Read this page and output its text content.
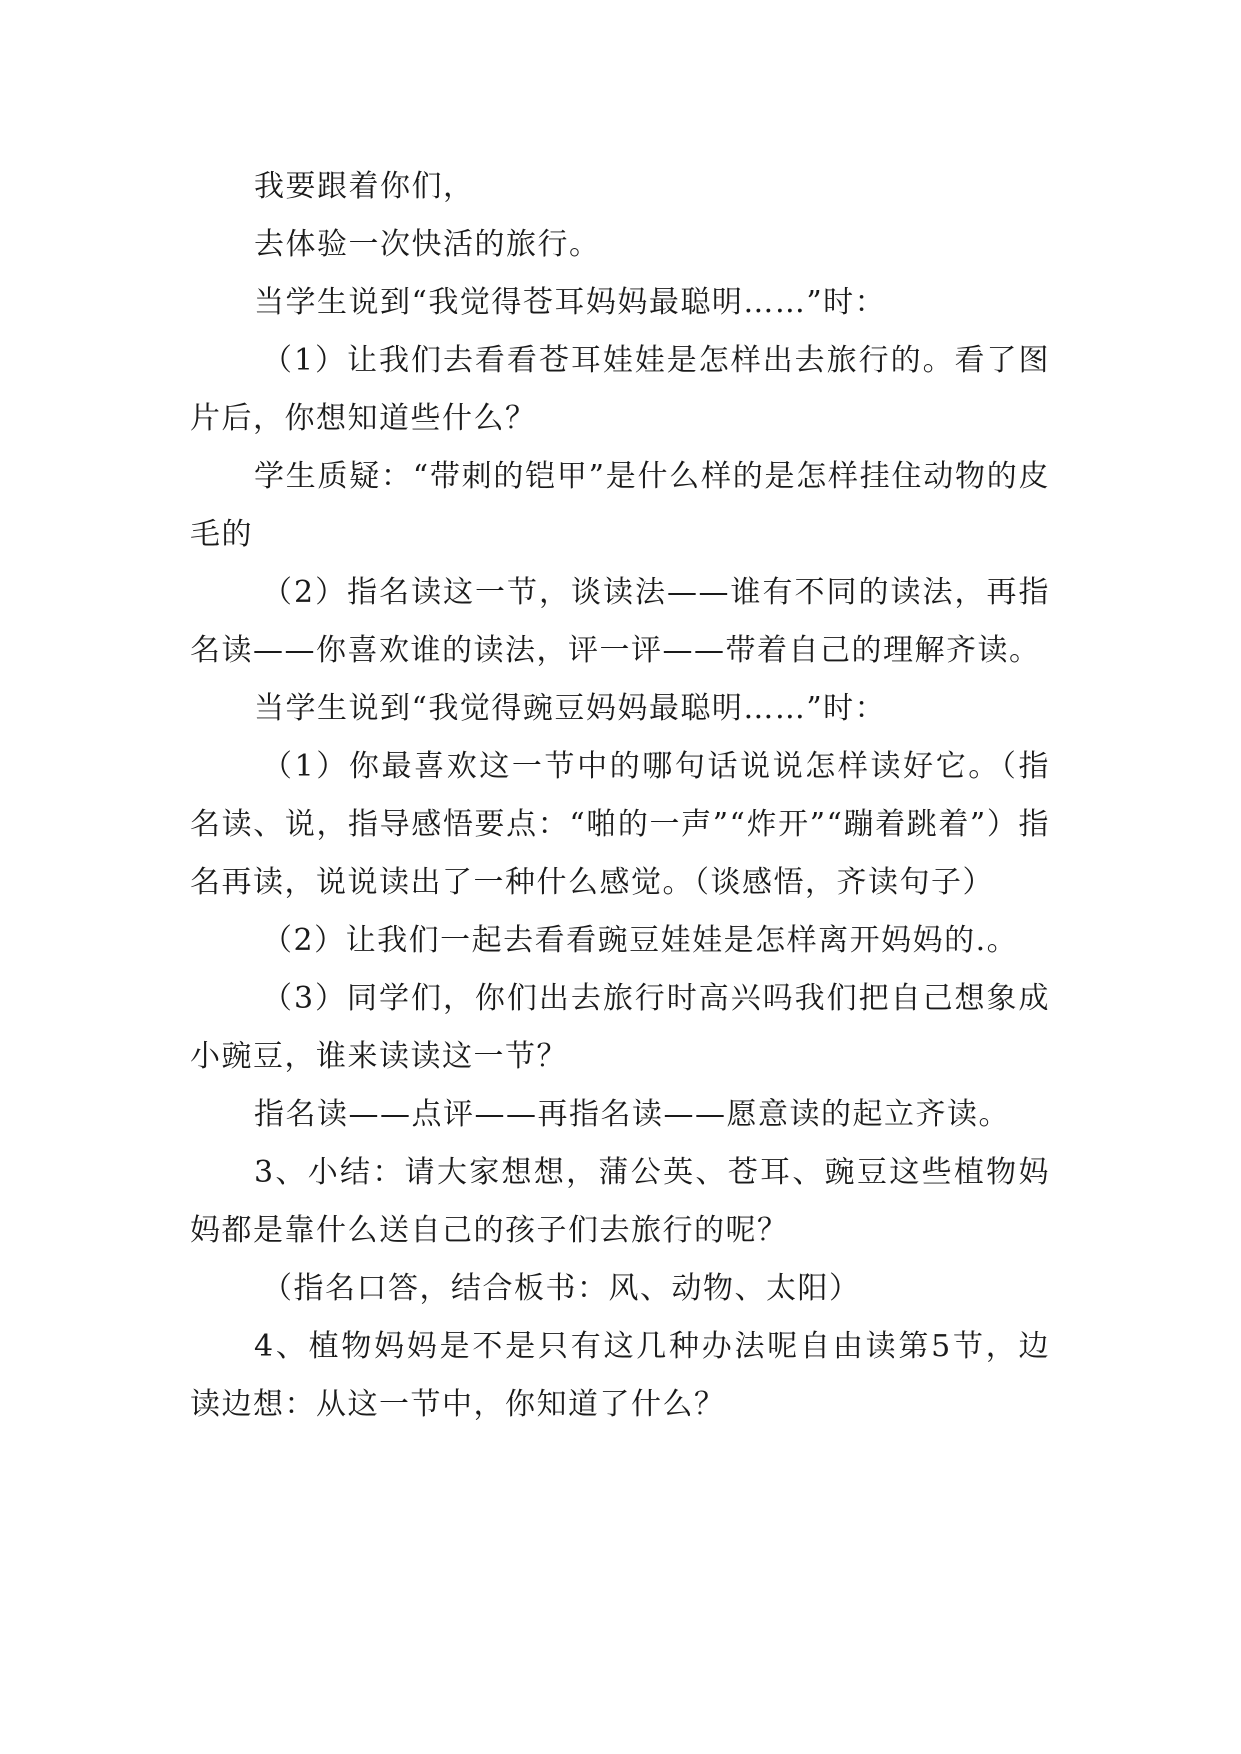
我要跟着你们，

去体验一次快活的旅行。

当学生说到“我觉得苍耳妈妈最聪明……”时：

（1）让我们去看看苍耳娃娃是怎样出去旅行的。看了图片后，你想知道些什么？

学生质疑：“带刺的铠甲”是什么样的是怎样挂住动物的皮毛的

（2）指名读这一节，谈读法——谁有不同的读法，再指名读——你喜欢谁的读法，评一评——带着自己的理解齐读。

当学生说到“我觉得豌豆妈妈最聪明……”时：

（1）你最喜欢这一节中的哪句话说说怎样读好它。（指名读、说，指导感悟要点：“啪的一声”“炸开”“蹦着跳着”）指名再读，说说读出了一种什么感觉。（谈感悟，齐读句子）

（2）让我们一起去看看豌豆娃娃是怎样离开妈妈的.。

（3）同学们，你们出去旅行时高兴吗我们把自己想象成小豌豆，谁来读读这一节？

指名读——点评——再指名读——愿意读的起立齐读。

3、小结：请大家想想，蒲公英、苍耳、豌豆这些植物妈妈都是靠什么送自己的孩子们去旅行的呢？

（指名口答，结合板书：风、动物、太阳）

4、植物妈妈是不是只有这几种办法呢自由读第5节，边读边想：从这一节中，你知道了什么？
